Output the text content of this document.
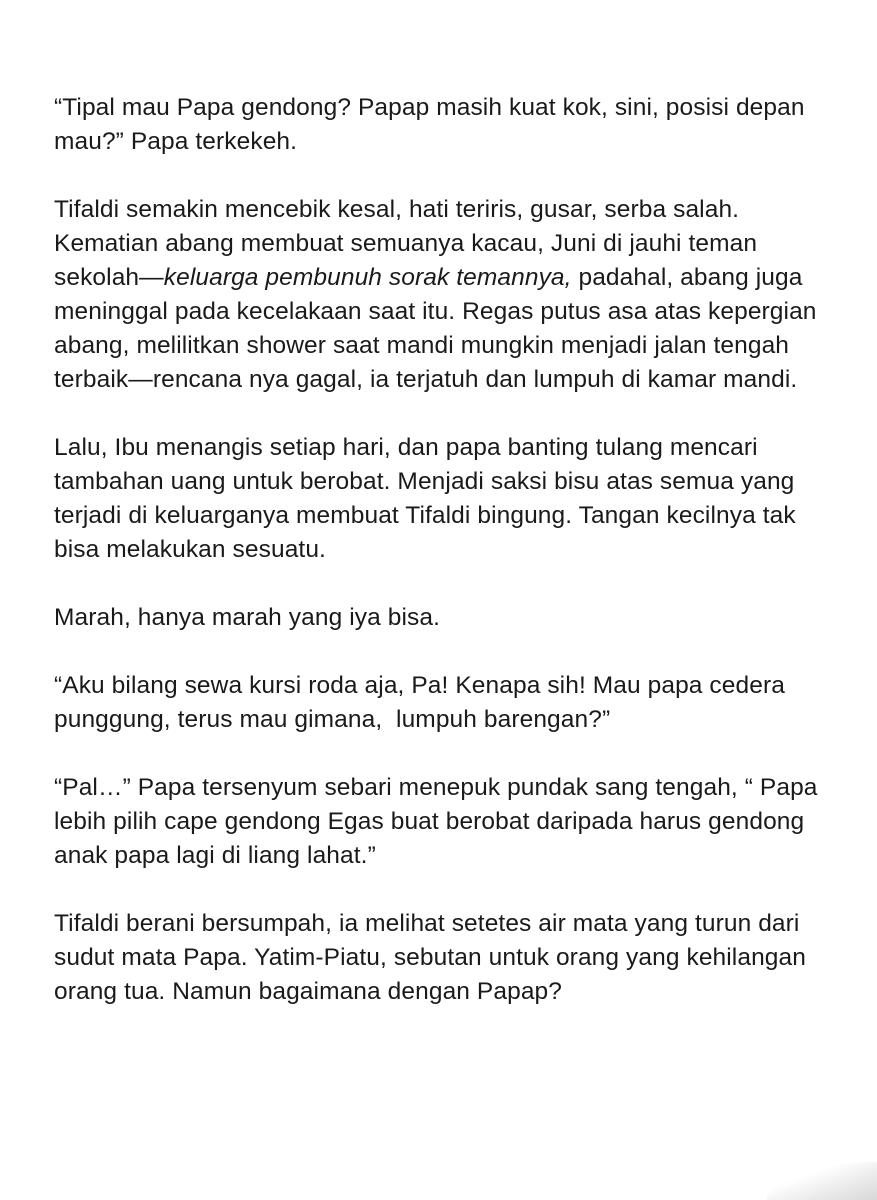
“Tipal mau Papa gendong? Papap masih kuat kok, sini, posisi depan mau?” Papa terkekeh.

Tifaldi semakin mencebik kesal, hati teriris, gusar, serba salah. Kematian abang membuat semuanya kacau, Juni di jauhi teman sekolah—keluarga pembunuh sorak temannya, padahal, abang juga meninggal pada kecelakaan saat itu. Regas putus asa atas kepergian abang, melilitkan shower saat mandi mungkin menjadi jalan tengah terbaik—rencana nya gagal, ia terjatuh dan lumpuh di kamar mandi.

Lalu, Ibu menangis setiap hari, dan papa banting tulang mencari tambahan uang untuk berobat. Menjadi saksi bisu atas semua yang terjadi di keluarganya membuat Tifaldi bingung. Tangan kecilnya tak bisa melakukan sesuatu.

Marah, hanya marah yang iya bisa.

“Aku bilang sewa kursi roda aja, Pa! Kenapa sih! Mau papa cedera punggung, terus mau gimana,  lumpuh barengan?”

“Pal…” Papa tersenyum sebari menepuk pundak sang tengah, “ Papa lebih pilih cape gendong Egas buat berobat daripada harus gendong anak papa lagi di liang lahat.”

Tifaldi berani bersumpah, ia melihat setetes air mata yang turun dari sudut mata Papa. Yatim-Piatu, sebutan untuk orang yang kehilangan orang tua. Namun bagaimana dengan Papap?
